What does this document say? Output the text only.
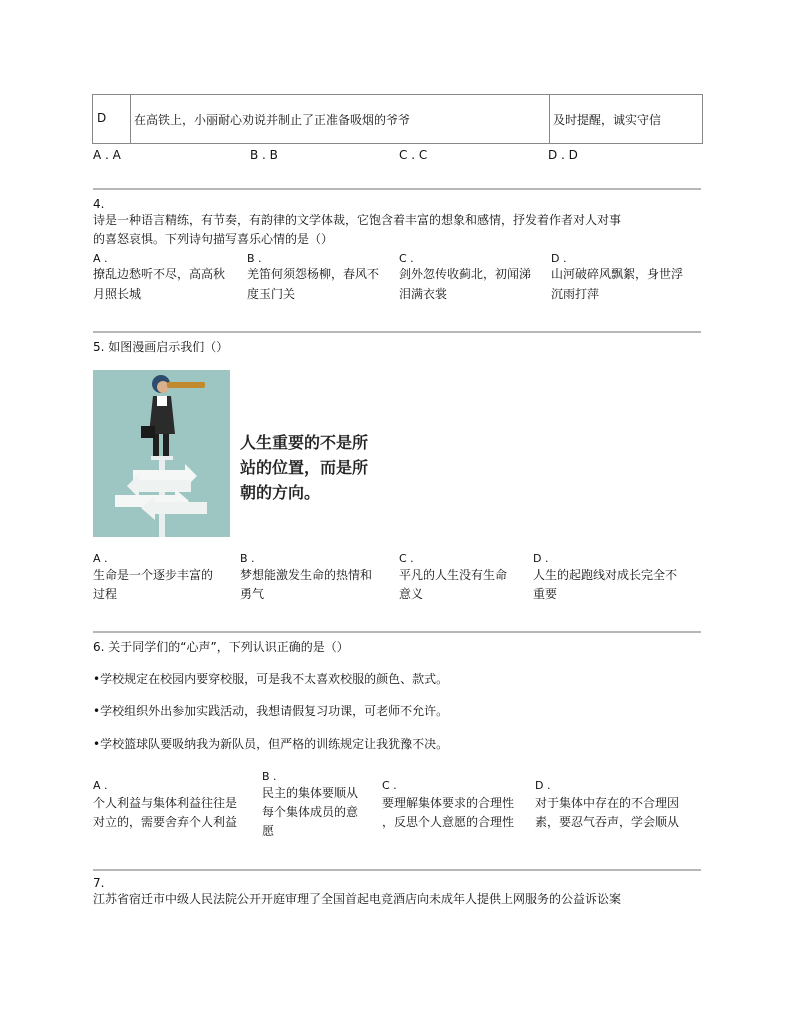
D 在高铁上，小丽耐心劝说并制止了正准备吸烟的爷爷	及时提醒，诚实守信
A . A	B . B	C . C	D . D
4.
诗是一种语言精练，有节奏，有韵律的文学体裁，它饱含着丰富的想象和感情，抒发着作者对人对事
的喜怒哀惧。下列诗句描写喜乐心情的是（）
A .
撩乱边愁听不尽，高高秋
月照长城
B .
羌笛何须怨杨柳，春风不
度玉门关
C .
剑外忽传收蓟北，初闻涕
泪满衣裳
D .
山河破碎风飘絮，身世浮
沉雨打萍
5. 如图漫画启示我们（）
人生重要的不是所
站的位置，而是所
朝的方向。
A .
生命是一个逐步丰富的
过程
B .
梦想能激发生命的热情和
勇气
C .
平凡的人生没有生命
意义
D .
人生的起跑线对成长完全不
重要
6. 关于同学们的“心声”，下列认识正确的是（）
•学校规定在校园内要穿校服，可是我不太喜欢校服的颜色、款式。
•学校组织外出参加实践活动，我想请假复习功课，可老师不允许。
•学校篮球队要吸纳我为新队员，但严格的训练规定让我犹豫不决。
A .
个人利益与集体利益往往是
对立的，需要舍弃个人利益
B .
民主的集体要顺从
每个集体成员的意
愿
C .
要理解集体要求的合理性
，反思个人意愿的合理性
D .
对于集体中存在的不合理因
素，要忍气吞声，学会顺从
7.
江苏省宿迁市中级人民法院公开开庭审理了全国首起电竞酒店向未成年人提供上网服务的公益诉讼案
